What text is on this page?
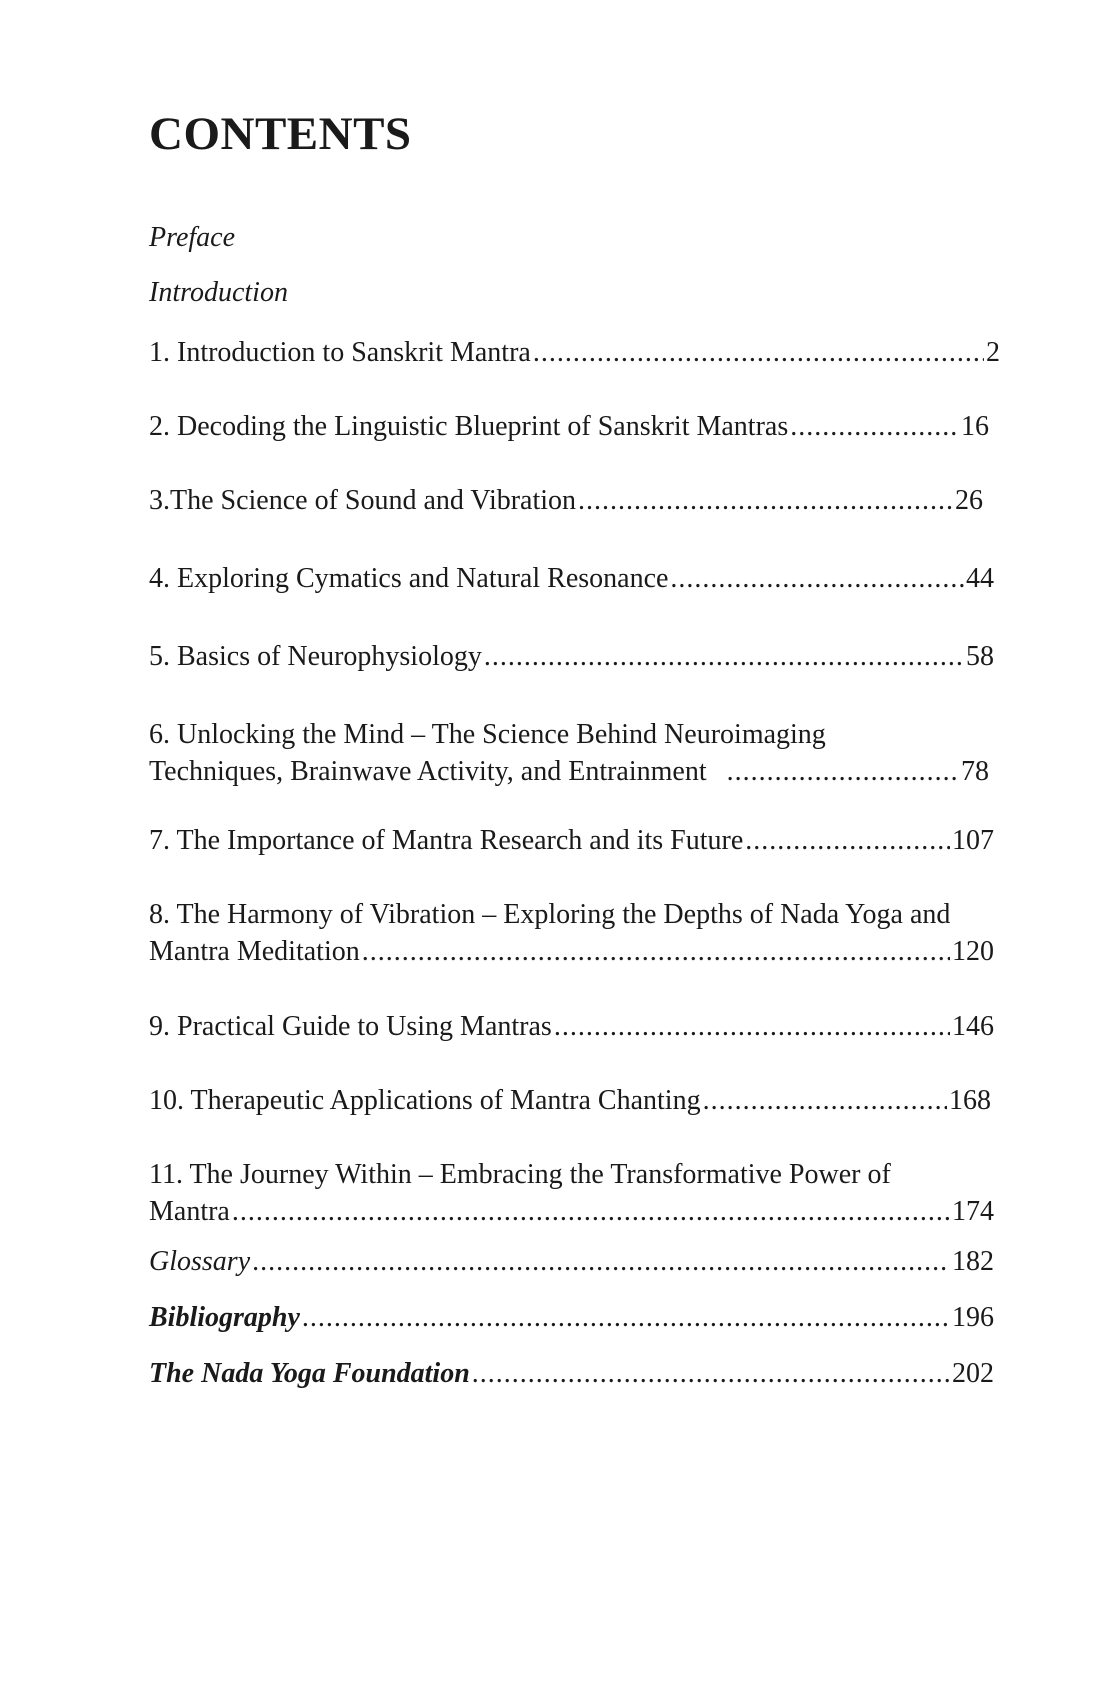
CONTENTS

Preface

Introduction

1. Introduction to Sanskrit Mantra .....	2
2. Decoding the Linguistic Blueprint of Sanskrit Mantras .....	16
3.The Science of Sound and Vibration .....	26
4. Exploring Cymatics and Natural Resonance .....	44
5. Basics of Neurophysiology .....	58
6. Unlocking the Mind – The Science Behind Neuroimaging
Techniques, Brainwave Activity, and Entrainment .....	78
7. The Importance of Mantra Research and its Future .....	107
8. The Harmony of Vibration – Exploring the Depths of Nada Yoga and
Mantra Meditation .....	120
9. Practical Guide to Using Mantras .....	146
10. Therapeutic Applications of Mantra Chanting .....	168
11. The Journey Within – Embracing the Transformative Power of
Mantra .....	174
Glossary .....	182
Bibliography .....	196
The Nada Yoga Foundation .....	202
